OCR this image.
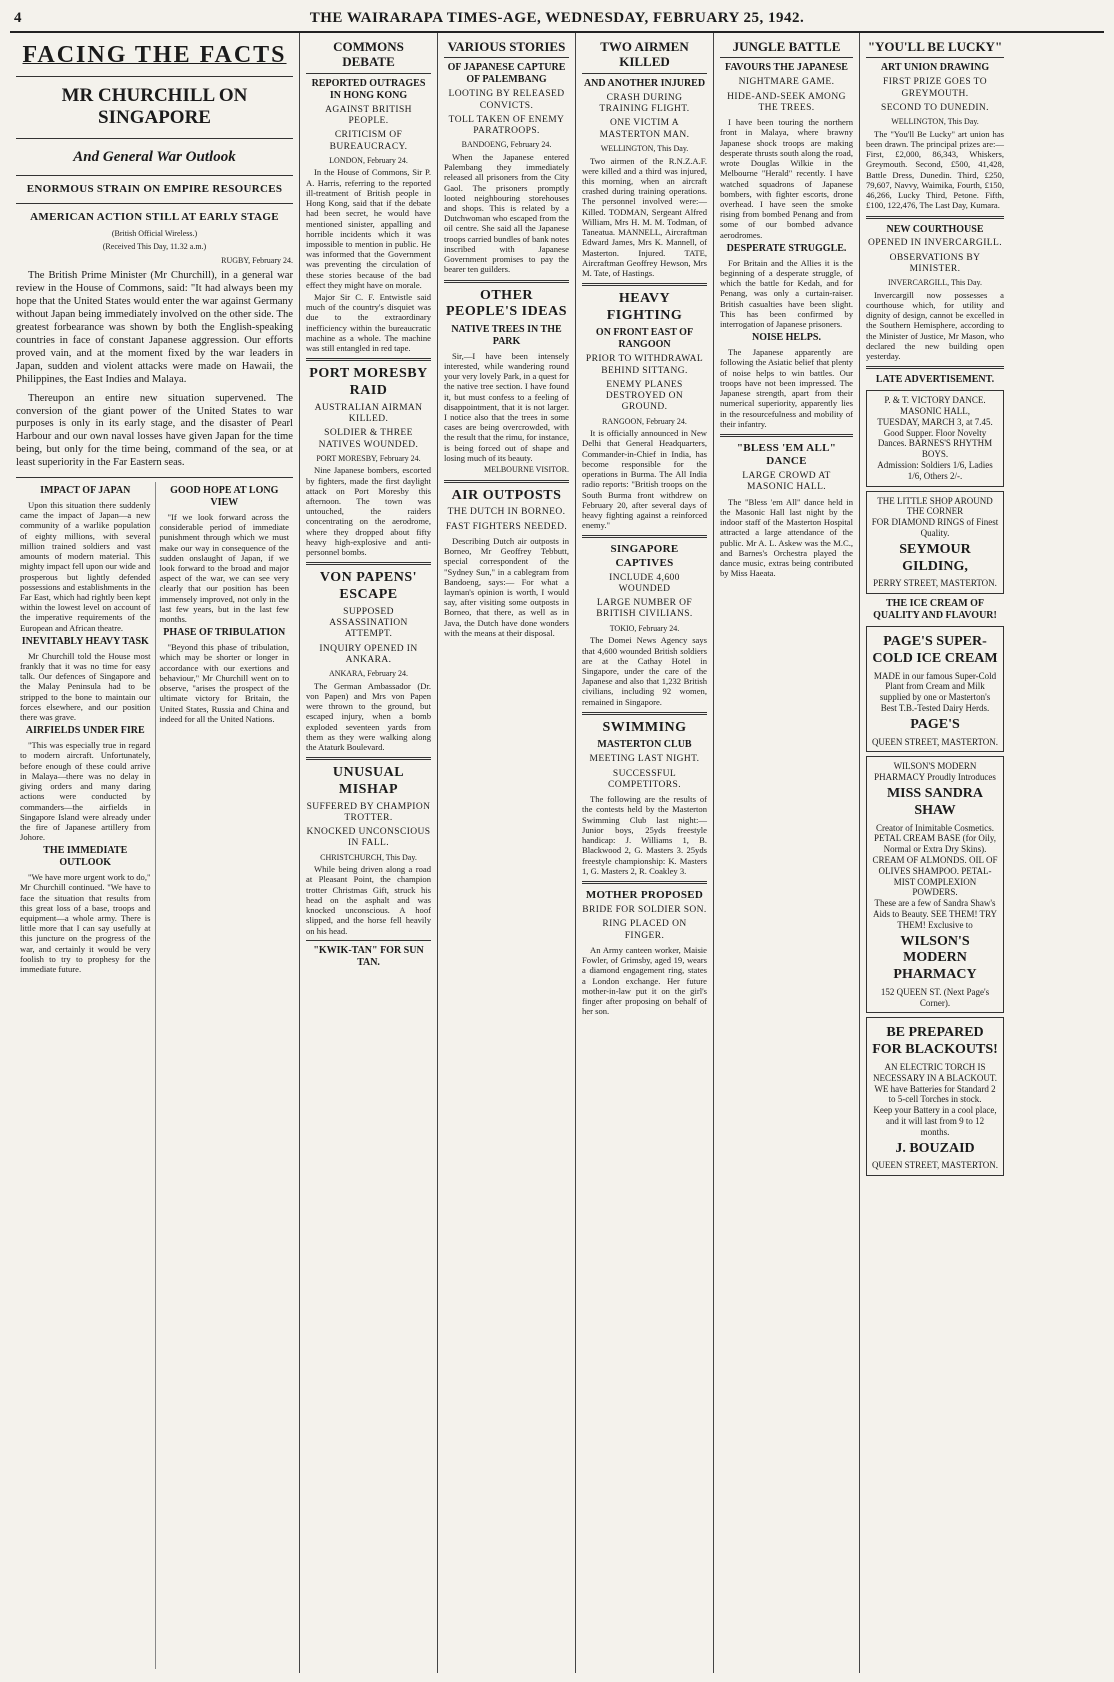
4	THE WAIRARAPA TIMES-AGE, WEDNESDAY, FEBRUARY 25, 1942.
FACING THE FACTS
MR CHURCHILL ON SINGAPORE
And General War Outlook
ENORMOUS STRAIN ON EMPIRE RESOURCES
AMERICAN ACTION STILL AT EARLY STAGE
(British Official Wireless.)
(Received This Day, 11.32 a.m.)
RUGBY, February 24.
The British Prime Minister (Mr Churchill), in a general war review in the House of Commons, said: "It had always been my hope that the United States would enter the war against Germany without Japan being immediately involved on the other side. The greatest forbearance was shown by both the English-speaking countries in face of constant Japanese aggression. Our efforts proved vain, and at the moment fixed by the war leaders in Japan, sudden and violent attacks were made on Hawaii, the Philippines, the East Indies and Malaya.
Thereupon an entire new situation supervened. The conversion of the giant power of the United States to war purposes is only in its early stage, and the disaster of Pearl Harbour and our own naval losses have given Japan for the time being, but only for the time being, command of the sea, or at least superiority in the Far Eastern seas.
IMPACT OF JAPAN

Upon this situation there suddenly came the impact of Japan—a new community of a warlike population of eighty millions, with several million trained soldiers and vast amounts of modern material. This mighty impact fell upon our wide and prosperous but lightly defended possessions and establishments in the Far East, which had rightly been kept within the lowest level on account of the imperative requirements of the European and African theatre.

INEVITABLY HEAVY TASK

Mr Churchill told the House most frankly that it was no time for easy talk. Our defences of Singapore and the Malay Peninsula had to be stripped to the bone to maintain our forces elsewhere, and our position there was grave.

AIRFIELDS UNDER FIRE

"This was especially true in regard to modern aircraft. Unfortunately, before enough of these could arrive in Malaya—there was no delay in giving orders and many daring actions were conducted by commanders—the airfields in Singapore Island were already under the fire of Japanese artillery from Johore.

THE IMMEDIATE OUTLOOK

"We have more urgent work to do," Mr Churchill continued. "We have to face the situation that results from this great loss of a base, troops and equipment—a whole army. There is little more that I can say usefully at this juncture on the progress of the war, and certainly it would be very foolish to try to prophesy for the immediate future.

GOOD HOPE AT LONG VIEW

"If we look forward across the considerable period of immediate punishment through which we must make our way in consequence of the sudden onslaught of Japan, if we look forward to the broad and major aspect of the war, we can see very clearly that our position has been immensely improved, not only in the last few years, but in the last few months.

PHASE OF TRIBULATION

"Beyond this phase of tribulation, which may be shorter or longer in accordance with our exertions and behaviour," Mr Churchill went on to observe, "arises the prospect of the ultimate victory for Britain, the United States, Russia and China and indeed for all the United Nations.

COMMONS DEBATE
REPORTED OUTRAGES IN HONG KONG
AGAINST BRITISH PEOPLE.
CRITICISM OF BUREAUCRACY.
LONDON, February 24.

In the House of Commons, Sir P. A. Harris, referring to the reported ill-treatment of British people in Hong Kong, said that if the debate had been secret, he would have mentioned sinister, appalling and horrible incidents which it was impossible to mention in public. He was informed that the Government was preventing the circulation of these stories because of the bad effect they might have on morale.

Major Sir C. F. Entwistle said much of the country's disquiet was due to the extraordinary inefficiency within the bureaucratic machine as a whole. The machine was still entangled in red tape.

PORT MORESBY RAID
AUSTRALIAN AIRMAN KILLED.
SOLDIER & THREE NATIVES WOUNDED.
PORT MORESBY, February 24.

Nine Japanese bombers, escorted by fighters, made the first daylight attack on Port Moresby this afternoon. The town was untouched, the raiders concentrating on the aerodrome, where they dropped about fifty heavy high-explosive and anti-personnel bombs.

VON PAPENS' ESCAPE
SUPPOSED ASSASSINATION ATTEMPT.
INQUIRY OPENED IN ANKARA.
ANKARA, February 24.

The German Ambassador (Dr. von Papen) and Mrs von Papen were thrown to the ground, but escaped injury, when a bomb exploded seventeen yards from them as they were walking along the Ataturk Boulevard.

UNUSUAL MISHAP
SUFFERED BY CHAMPION TROTTER.
KNOCKED UNCONSCIOUS IN FALL.
CHRISTCHURCH, This Day.

While being driven along a road at Pleasant Point, the champion trotter Christmas Gift, struck his head on the asphalt and was knocked unconscious. A hoof slipped, and the horse fell heavily on his head.

"KWIK-TAN" FOR SUN TAN.
VARIOUS STORIES
OF JAPANESE CAPTURE OF PALEMBANG
LOOTING BY RELEASED CONVICTS.
TOLL TAKEN OF ENEMY PARATROOPS.
BANDOENG, February 24.

When the Japanese entered Palembang they immediately released all prisoners from the City Gaol. The prisoners promptly looted neighbouring storehouses and shops. This is related by a Dutchwoman who escaped from the oil centre. She said all the Japanese troops carried bundles of bank notes inscribed with Japanese Government promises to pay the bearer ten guilders.

OTHER PEOPLE'S IDEAS
NATIVE TREES IN THE PARK

Sir,—I have been intensely interested, while wandering round your very lovely Park, in a quest for the native tree section. I have found it, but must confess to a feeling of disappointment, that it is not larger. I notice also that the trees in some cases are being overcrowded, with the result that the rimu, for instance, is being forced out of shape and losing much of its beauty.

MELBOURNE VISITOR.
AIR OUTPOSTS
THE DUTCH IN BORNEO.
FAST FIGHTERS NEEDED.

Describing Dutch air outposts in Borneo, Mr Geoffrey Tebbutt, special correspondent of the "Sydney Sun," in a cablegram from Bandoeng, says:— For what a layman's opinion is worth, I would say, after visiting some outposts in Borneo, that there, as well as in Java, the Dutch have done wonders with the means at their disposal.

TWO AIRMEN KILLED
AND ANOTHER INJURED
CRASH DURING TRAINING FLIGHT.
ONE VICTIM A MASTERTON MAN.
WELLINGTON, This Day.

Two airmen of the R.N.Z.A.F. were killed and a third was injured, this morning, when an aircraft crashed during training operations. The personnel involved were:— Killed. TODMAN, Sergeant Alfred William, Mrs H. M. M. Todman, of Taneatua. MANNELL, Aircraftman Edward James, Mrs K. Mannell, of Masterton. Injured. TATE, Aircraftman Geoffrey Hewson, Mrs M. Tate, of Hastings.

HEAVY FIGHTING
ON FRONT EAST OF RANGOON
PRIOR TO WITHDRAWAL BEHIND SITTANG.
ENEMY PLANES DESTROYED ON GROUND.
RANGOON, February 24.

It is officially announced in New Delhi that General Headquarters, Commander-in-Chief in India, has become responsible for the operations in Burma. The All India radio reports: "British troops on the South Burma front withdrew on February 20, after several days of heavy fighting against a reinforced enemy."

SINGAPORE CAPTIVES
INCLUDE 4,600 WOUNDED
LARGE NUMBER OF BRITISH CIVILIANS.
TOKIO, February 24.

The Domei News Agency says that 4,600 wounded British soldiers are at the Cathay Hotel in Singapore, under the care of the Japanese and also that 1,232 British civilians, including 92 women, remained in Singapore.

SWIMMING
MASTERTON CLUB
MEETING LAST NIGHT.
SUCCESSFUL COMPETITORS.

The following are the results of the contests held by the Masterton Swimming Club last night:— Junior boys, 25yds freestyle handicap: J. Williams 1, B. Blackwood 2, G. Masters 3. 25yds freestyle championship: K. Masters 1, G. Masters 2, R. Coakley 3.

MOTHER PROPOSED
BRIDE FOR SOLDIER SON.
RING PLACED ON FINGER.

An Army canteen worker, Maisie Fowler, of Grimsby, aged 19, wears a diamond engagement ring, states a London exchange. Her future mother-in-law put it on the girl's finger after proposing on behalf of her son.

JUNGLE BATTLE
FAVOURS THE JAPANESE
NIGHTMARE GAME.
HIDE-AND-SEEK AMONG THE TREES.

I have been touring the northern front in Malaya, where brawny Japanese shock troops are making desperate thrusts south along the road, wrote Douglas Wilkie in the Melbourne "Herald" recently. I have watched squadrons of Japanese bombers, with fighter escorts, drone overhead. I have seen the smoke rising from bombed Penang and from some of our bombed advance aerodromes.

DESPERATE STRUGGLE.

For Britain and the Allies it is the beginning of a desperate struggle, of which the battle for Kedah, and for Penang, was only a curtain-raiser. British casualties have been slight. This has been confirmed by interrogation of Japanese prisoners.

NOISE HELPS.

The Japanese apparently are following the Asiatic belief that plenty of noise helps to win battles. Our troops have not been impressed. The Japanese strength, apart from their numerical superiority, apparently lies in the resourcefulness and mobility of their infantry.

"BLESS 'EM ALL" DANCE
LARGE CROWD AT MASONIC HALL.

The "Bless 'em All" dance held in the Masonic Hall last night by the indoor staff of the Masterton Hospital attracted a large attendance of the public. Mr A. L. Askew was the M.C., and Barnes's Orchestra played the dance music, extras being contributed by Miss Haeata.

"YOU'LL BE LUCKY"
ART UNION DRAWING
FIRST PRIZE GOES TO GREYMOUTH.
SECOND TO DUNEDIN.
WELLINGTON, This Day.

The "You'll Be Lucky" art union has been drawn. The principal prizes are:— First, £2,000, 86,343, Whiskers, Greymouth. Second, £500, 41,428, Battle Dress, Dunedin. Third, £250, 79,607, Navvy, Waimika, Fourth, £150, 46,266, Lucky Third, Petone. Fifth, £100, 122,476, The Last Day, Kumara.

NEW COURTHOUSE
OPENED IN INVERCARGILL.
OBSERVATIONS BY MINISTER.
INVERCARGILL, This Day.

Invercargill now possesses a courthouse which, for utility and dignity of design, cannot be excelled in the Southern Hemisphere, according to the Minister of Justice, Mr Mason, who declared the new building open yesterday.

LATE ADVERTISEMENT.
P. & T. VICTORY DANCE.
MASONIC HALL,
TUESDAY, MARCH 3, at 7.45.
Good Supper. Floor Novelty Dances. BARNES'S RHYTHM BOYS.
Admission: Soldiers 1/6, Ladies 1/6, Others 2/-.
THE LITTLE SHOP AROUND THE CORNER
FOR DIAMOND RINGS of Finest Quality.
SEYMOUR GILDING,
PERRY STREET, MASTERTON.
THE ICE CREAM OF QUALITY AND FLAVOUR!
PAGE'S SUPER-COLD ICE CREAM
MADE in our famous Super-Cold Plant from Cream and Milk supplied by one or Masterton's Best T.B.-Tested Dairy Herds.
PAGE'S
QUEEN STREET, MASTERTON.
WILSON'S MODERN PHARMACY Proudly Introduces
MISS SANDRA SHAW
Creator of Inimitable Cosmetics.
PETAL CREAM BASE (for Oily, Normal or Extra Dry Skins). CREAM OF ALMONDS. OIL OF OLIVES SHAMPOO. PETAL-MIST COMPLEXION POWDERS.
These are a few of Sandra Shaw's Aids to Beauty. SEE THEM! TRY THEM! Exclusive to
WILSON'S MODERN PHARMACY
152 QUEEN ST. (Next Page's Corner).
BE PREPARED FOR BLACKOUTS!
AN ELECTRIC TORCH IS NECESSARY IN A BLACKOUT.
WE have Batteries for Standard 2 to 5-cell Torches in stock.
Keep your Battery in a cool place, and it will last from 9 to 12 months.
J. BOUZAID
QUEEN STREET, MASTERTON.
